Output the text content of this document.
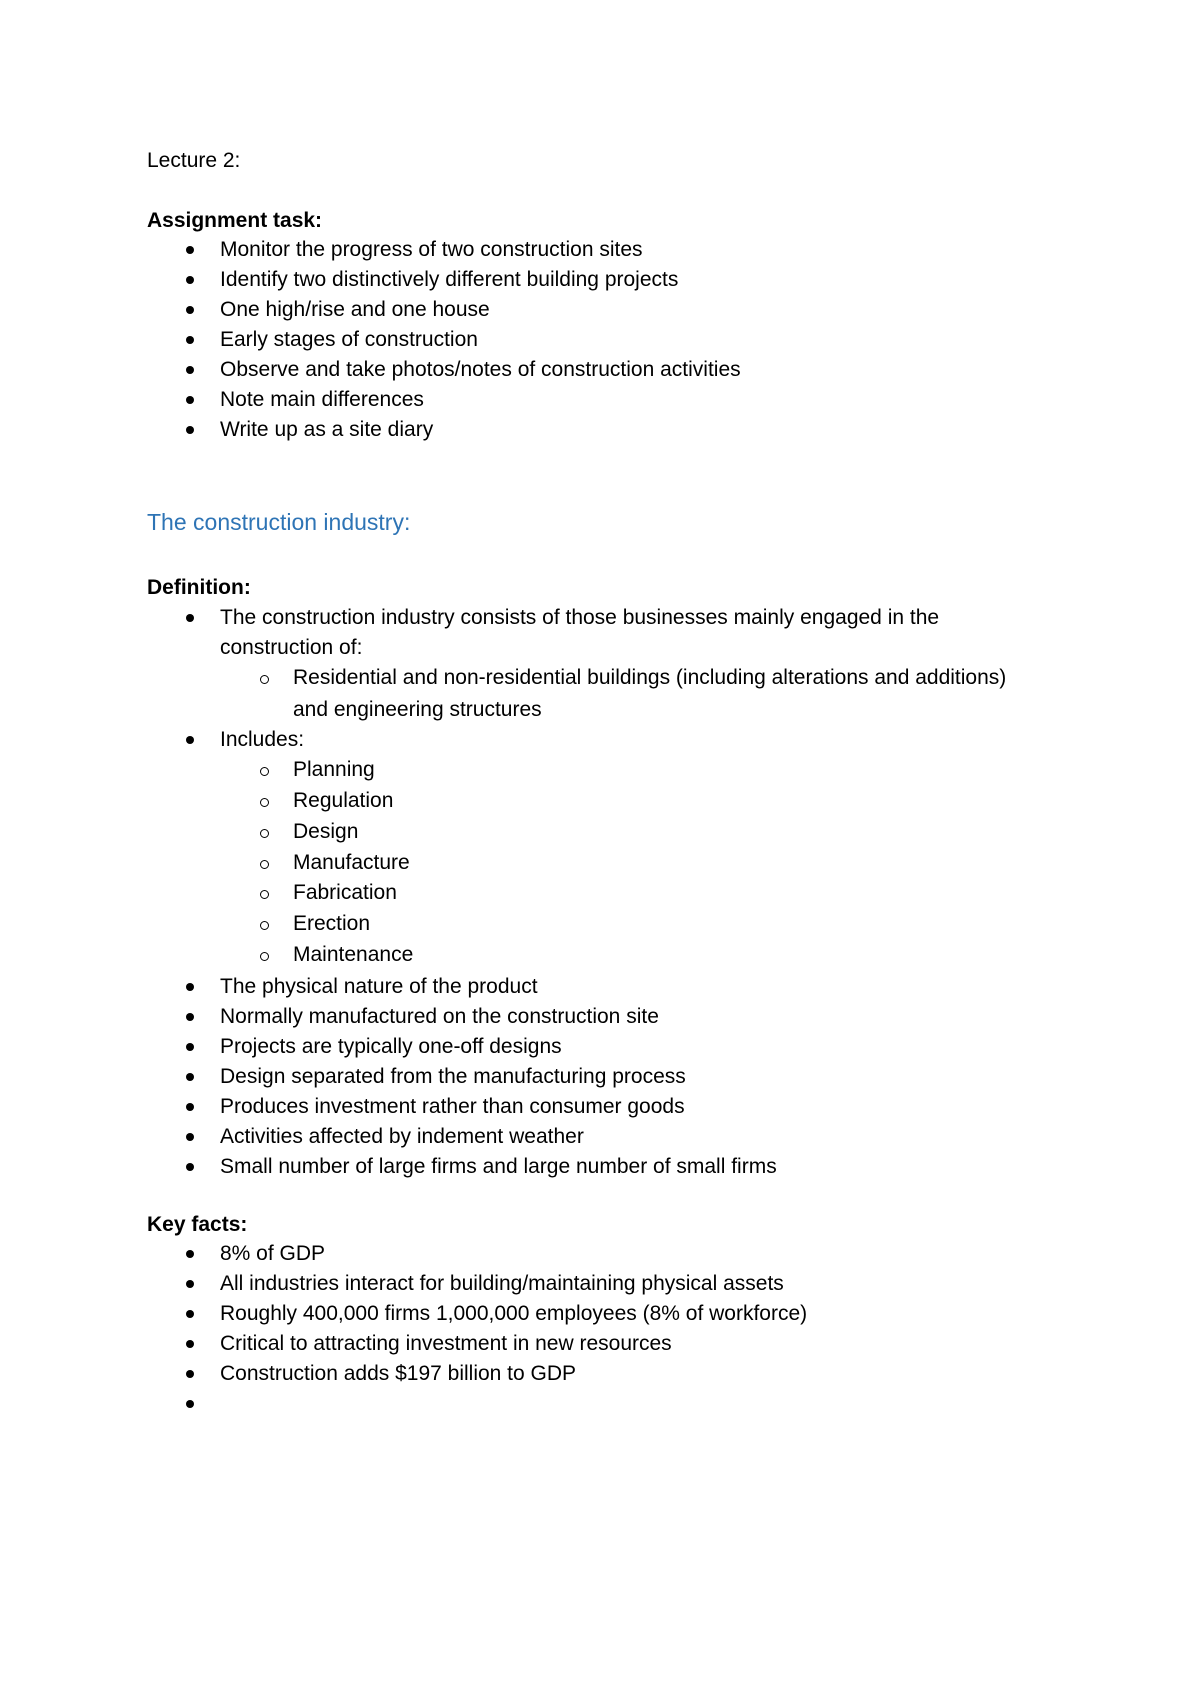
Lecture 2:
Assignment task:
Monitor the progress of two construction sites
Identify two distinctively different building projects
One high/rise and one house
Early stages of construction
Observe and take photos/notes of construction activities
Note main differences
Write up as a site diary
The construction industry:
Definition:
The construction industry consists of those businesses mainly engaged in the
construction of:
Residential and non-residential buildings (including alterations and additions)
and engineering structures
Includes:
Planning
Regulation
Design
Manufacture
Fabrication
Erection
Maintenance
The physical nature of the product
Normally manufactured on the construction site
Projects are typically one-off designs
Design separated from the manufacturing process
Produces investment rather than consumer goods
Activities affected by indement weather
Small number of large firms and large number of small firms
Key facts:
8% of GDP
All industries interact for building/maintaining physical assets
Roughly 400,000 firms 1,000,000 employees (8% of workforce)
Critical to attracting investment in new resources
Construction adds $197 billion to GDP
